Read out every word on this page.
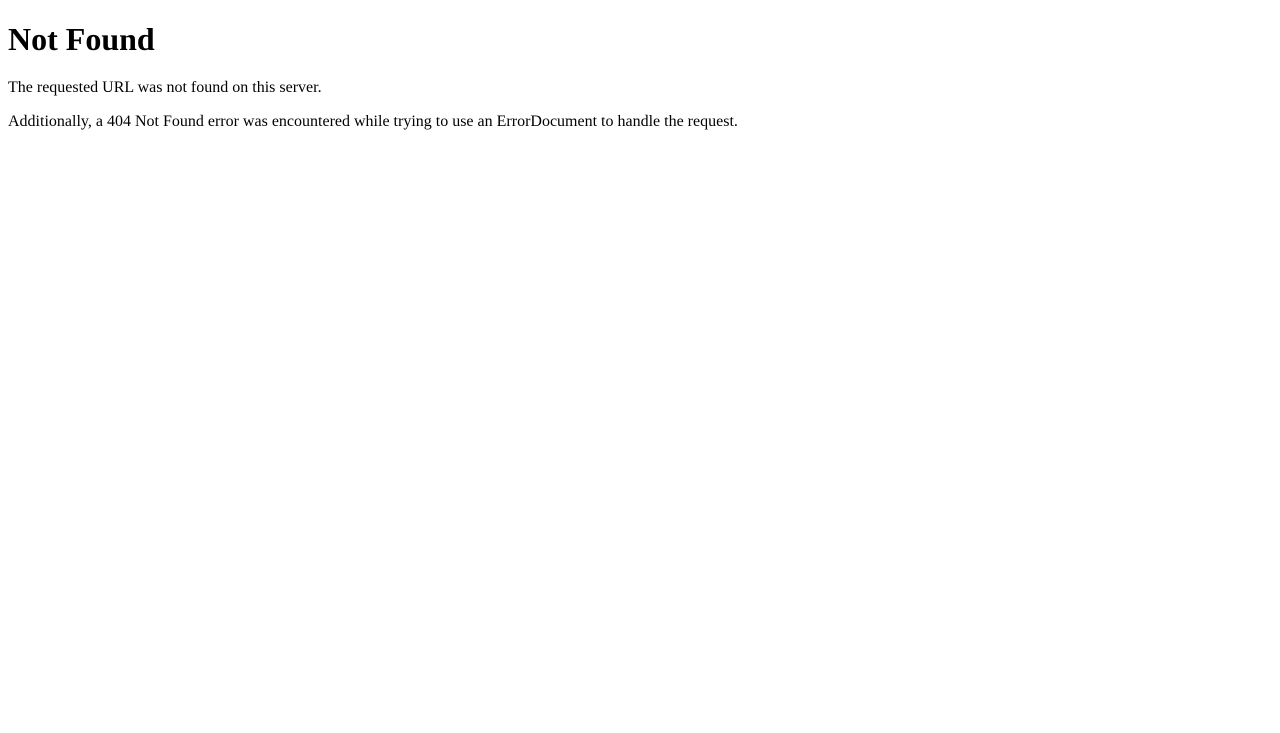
Not Found

The requested URL was not found on this server.

Additionally, a 404 Not Found error was encountered while trying to use an ErrorDocument to handle the request.
